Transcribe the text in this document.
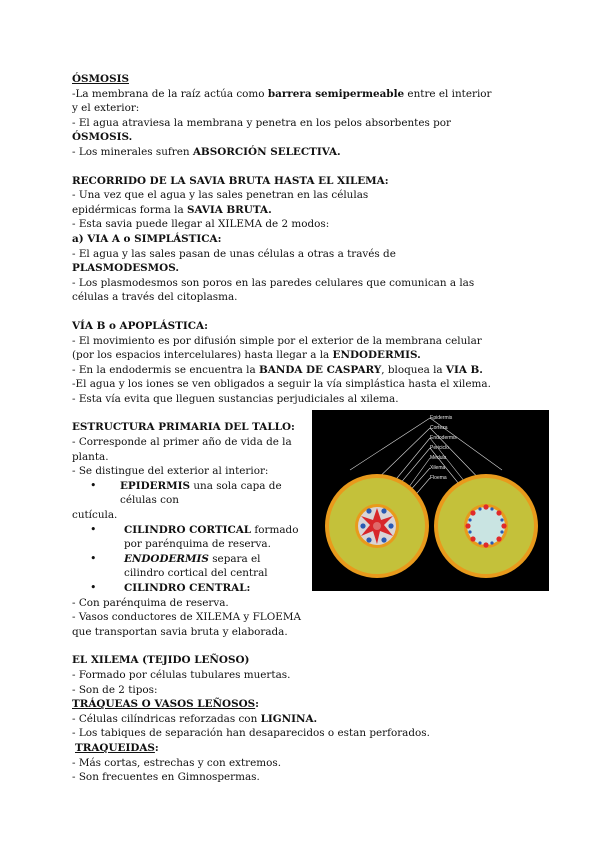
ÓSMOSIS

-La membrana de la raíz actúa como barrera semipermeable entre el interior y el exterior:

- El agua atraviesa la membrana y penetra en los pelos absorbentes por ÓSMOSIS.

- Los minerales sufren ABSORCIÓN SELECTIVA.

RECORRIDO DE LA SAVIA BRUTA HASTA EL XILEMA:

- Una vez que el agua y las sales penetran en las células

epidérmicas forma la SAVIA BRUTA.

- Esta savia puede llegar al XILEMA de 2 modos:

a) VIA A o SIMPLÁSTICA:

- El agua y las sales pasan de unas células a otras a través de PLASMODESMOS.

- Los plasmodesmos son poros en las paredes celulares que comunican a las células a través del citoplasma.

VÍA B o APOPLÁSTICA:

- El movimiento es por difusión simple por el exterior de la membrana celular (por los espacios intercelulares) hasta llegar a la ENDODERMIS.

- En la endodermis se encuentra la BANDA DE CASPARY, bloquea la VIA B.

-El agua y los iones se ven obligados a seguir la vía simplástica hasta el xilema.

- Esta vía evita que lleguen sustancias perjudiciales al xilema.

ESTRUCTURA PRIMARIA DEL TALLO:

- Corresponde al primer año de vida de la planta.

- Se distingue del exterior al interior:

• EPIDERMIS una sola capa de células con

cutícula.

• CILINDRO CORTICAL formado por parénquima de reserva.

• ENDODERMIS separa el cilindro cortical del central

• CILINDRO CENTRAL:

- Con parénquima de reserva.

- Vasos conductores de XILEMA y FLOEMA que transportan savia bruta y elaborada.

EL XILEMA (TEJIDO LEÑOSO)

- Formado por células tubulares muertas.

- Son de 2 tipos:

TRÁQUEAS O VASOS LEÑOSOS:

- Células cilíndricas reforzadas con LIGNINA.

- Los tabiques de separación han desaparecidos o estan perforados.

TRAQUEIDAS:

- Más cortas, estrechas y con extremos.

- Son frecuentes en Gimnospermas.

Epidermis
Corteza
Endodermis
Periciclo
Médula
Xilema
Floema
